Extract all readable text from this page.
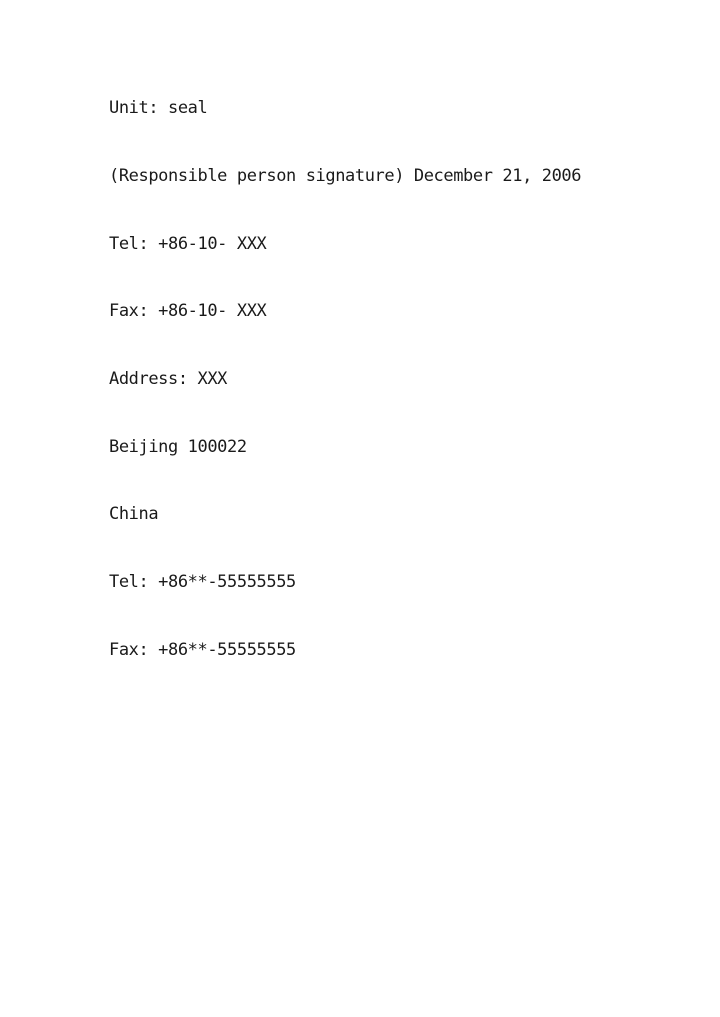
Unit: seal

(Responsible person signature) December 21, 2006

Tel: +86-10- XXX

Fax: +86-10- XXX

Address: XXX

Beijing 100022

China

Tel: +86**-55555555

Fax: +86**-55555555
